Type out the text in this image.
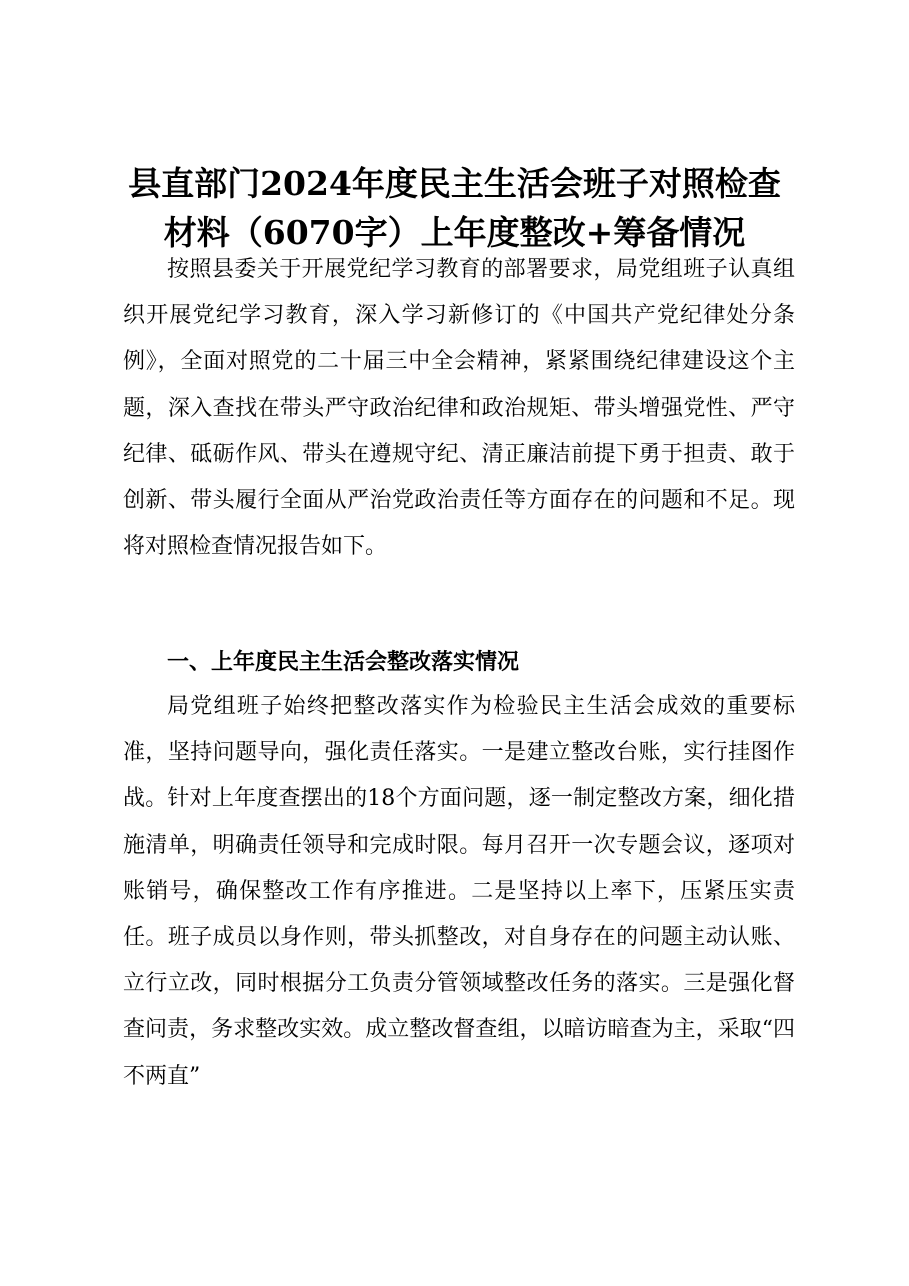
县直部门2024年度民主生活会班子对照检查
材料（6070字）上年度整改+筹备情况

按照县委关于开展党纪学习教育的部署要求，局党组班子认真组织开展党纪学习教育，深入学习新修订的《中国共产党纪律处分条例》，全面对照党的二十届三中全会精神，紧紧围绕纪律建设这个主题，深入查找在带头严守政治纪律和政治规矩、带头增强党性、严守纪律、砥砺作风、带头在遵规守纪、清正廉洁前提下勇于担责、敢于创新、带头履行全面从严治党政治责任等方面存在的问题和不足。现将对照检查情况报告如下。

一、上年度民主生活会整改落实情况

局党组班子始终把整改落实作为检验民主生活会成效的重要标准，坚持问题导向，强化责任落实。一是建立整改台账，实行挂图作战。针对上年度查摆出的18个方面问题，逐一制定整改方案，细化措施清单，明确责任领导和完成时限。每月召开一次专题会议，逐项对账销号，确保整改工作有序推进。二是坚持以上率下，压紧压实责任。班子成员以身作则，带头抓整改，对自身存在的问题主动认账、立行立改，同时根据分工负责分管领域整改任务的落实。三是强化督查问责，务求整改实效。成立整改督查组，以暗访暗查为主，采取“四不两直”
